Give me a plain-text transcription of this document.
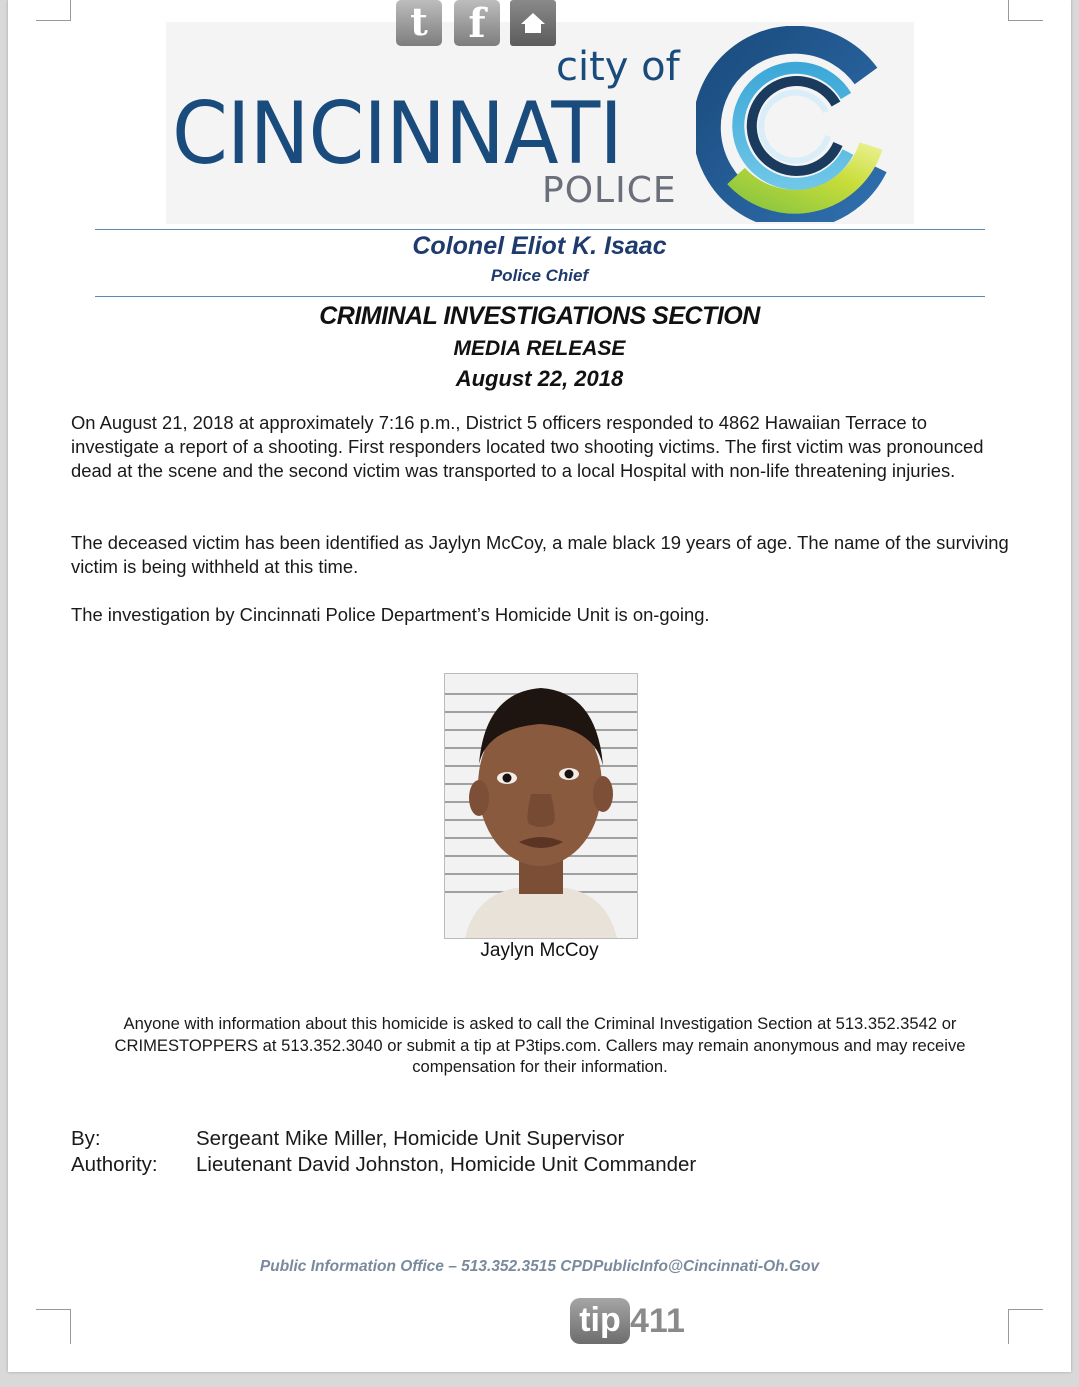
city of
CINCINNATI
POLICE
Colonel Eliot K. Isaac
Police Chief
CRIMINAL INVESTIGATIONS SECTION
MEDIA RELEASE
August 22, 2018
On August 21, 2018 at approximately 7:16 p.m., District 5 officers responded to 4862 Hawaiian Terrace to investigate a report of a shooting. First responders located two shooting victims. The first victim was pronounced dead at the scene and the second victim was transported to a local Hospital with non-life threatening injuries.
The deceased victim has been identified as Jaylyn McCoy, a male black 19 years of age. The name of the surviving victim is being withheld at this time.
The investigation by Cincinnati Police Department’s Homicide Unit is on-going.
Jaylyn McCoy
Anyone with information about this homicide is asked to call the Criminal Investigation Section at 513.352.3542 or CRIMESTOPPERS at 513.352.3040 or submit a tip at P3tips.com. Callers may remain anonymous and may receive compensation for their information.
By:	Sergeant Mike Miller, Homicide Unit Supervisor
Authority: Lieutenant David Johnston, Homicide Unit Commander
Public Information Office – 513.352.3515 CPDPublicInfo@Cincinnati-Oh.Gov
t	f
tip 411
